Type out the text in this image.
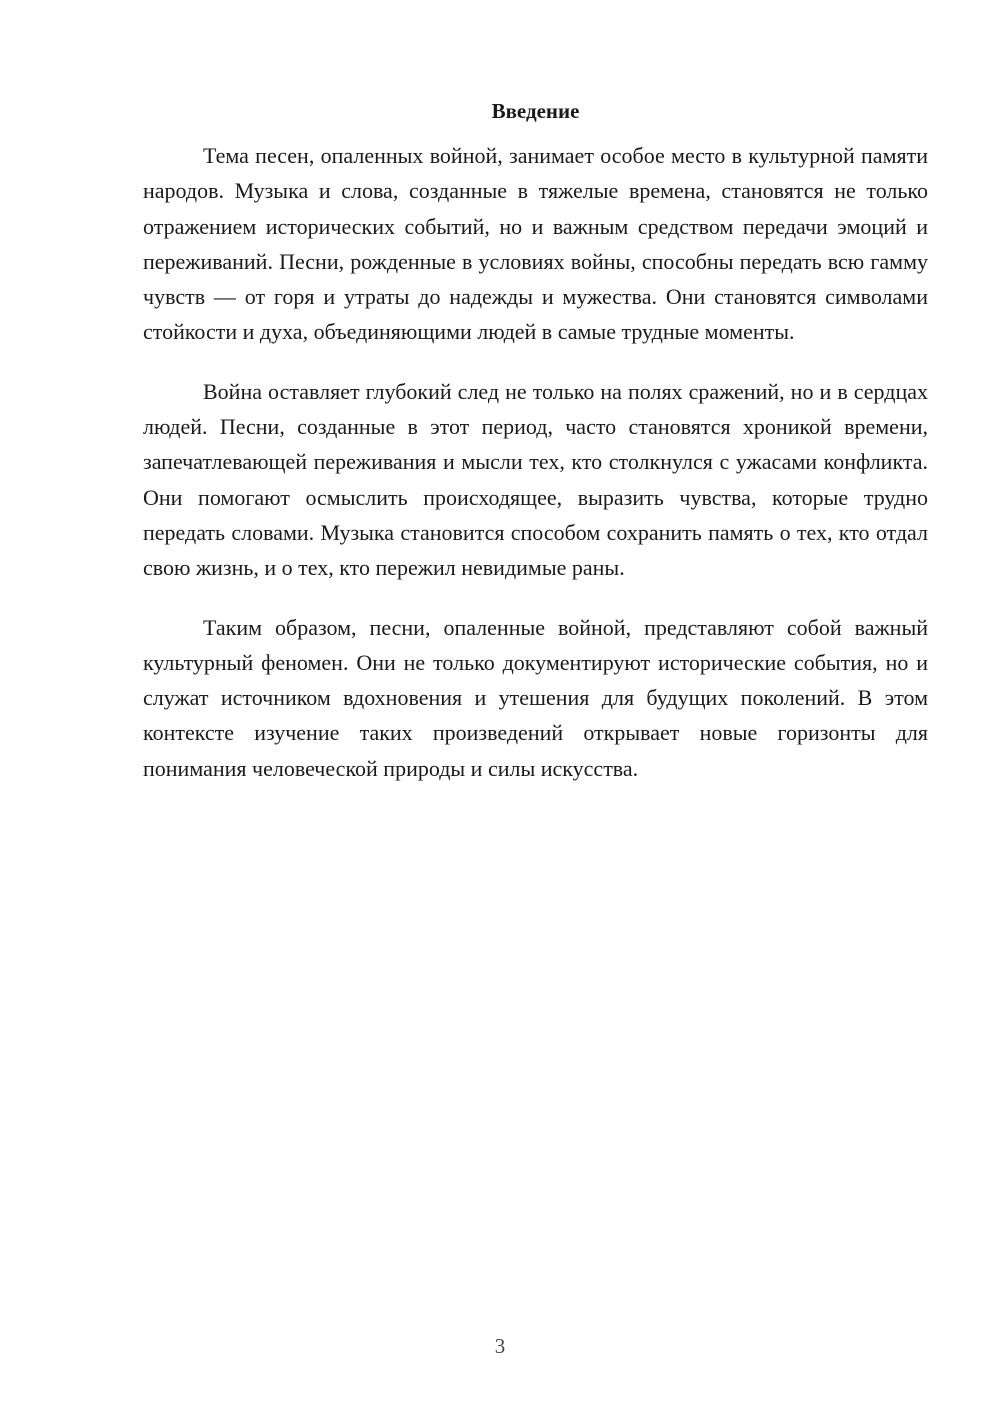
Введение

Тема песен, опаленных войной, занимает особое место в культурной памяти народов. Музыка и слова, созданные в тяжелые времена, становятся не только отражением исторических событий, но и важным средством передачи эмоций и переживаний. Песни, рожденные в условиях войны, способны передать всю гамму чувств — от горя и утраты до надежды и мужества. Они становятся символами стойкости и духа, объединяющими людей в самые трудные моменты.

Война оставляет глубокий след не только на полях сражений, но и в сердцах людей. Песни, созданные в этот период, часто становятся хроникой времени, запечатлевающей переживания и мысли тех, кто столкнулся с ужасами конфликта. Они помогают осмыслить происходящее, выразить чувства, которые трудно передать словами. Музыка становится способом сохранить память о тех, кто отдал свою жизнь, и о тех, кто пережил невидимые раны.

Таким образом, песни, опаленные войной, представляют собой важный культурный феномен. Они не только документируют исторические события, но и служат источником вдохновения и утешения для будущих поколений. В этом контексте изучение таких произведений открывает новые горизонты для понимания человеческой природы и силы искусства.

3
